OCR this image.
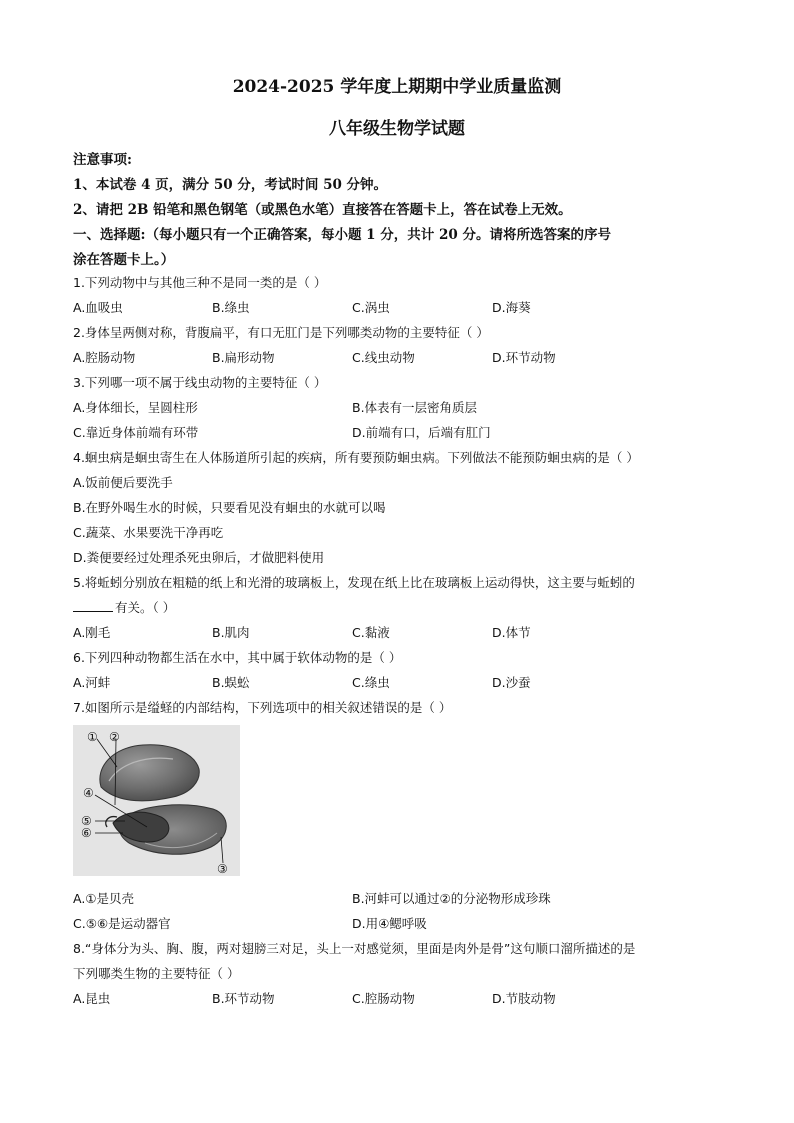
2024-2025 学年度上期期中学业质量监测
八年级生物学试题
注意事项:
1、本试卷 4 页，满分 50 分，考试时间 50 分钟。
2、请把 2B 铅笔和黑色钢笔（或黑色水笔）直接答在答题卡上，答在试卷上无效。
一、选择题:（每小题只有一个正确答案，每小题 1 分，共计 20 分。请将所选答案的序号
涂在答题卡上。）
1.下列动物中与其他三种不是同一类的是（ ）
A.血吸虫	B.绦虫	C.涡虫	D.海葵
2.身体呈两侧对称，背腹扁平，有口无肛门是下列哪类动物的主要特征（ ）
A.腔肠动物	B.扁形动物	C.线虫动物	D.环节动物
3.下列哪一项不属于线虫动物的主要特征（ ）
A.身体细长，呈圆柱形	B.体表有一层密角质层
C.靠近身体前端有环带	D.前端有口，后端有肛门
4.蛔虫病是蛔虫寄生在人体肠道所引起的疾病，所有要预防蛔虫病。下列做法不能预防蛔虫病的是（ ）
A.饭前便后要洗手
B.在野外喝生水的时候，只要看见没有蛔虫的水就可以喝
C.蔬菜、水果要洗干净再吃
D.粪便要经过处理杀死虫卵后，才做肥料使用
5.将蚯蚓分别放在粗糙的纸上和光滑的玻璃板上，发现在纸上比在玻璃板上运动得快，这主要与蚯蚓的
有关。（ ）
A.刚毛	B.肌肉	C.黏液	D.体节
6.下列四种动物都生活在水中，其中属于软体动物的是（ ）
A.河蚌	B.蜈蚣	C.绦虫	D.沙蚕
7.如图所示是缢蛏的内部结构，下列选项中的相关叙述错误的是（ ）
① ②
③
④
⑤
⑥
A.①是贝壳	B.河蚌可以通过②的分泌物形成珍珠
C.⑤⑥是运动器官	D.用④鳃呼吸
8.“身体分为头、胸、腹，两对翅膀三对足，头上一对感觉须，里面是肉外是骨”这句顺口溜所描述的是
下列哪类生物的主要特征（ ）
A.昆虫	B.环节动物	C.腔肠动物	D.节肢动物
